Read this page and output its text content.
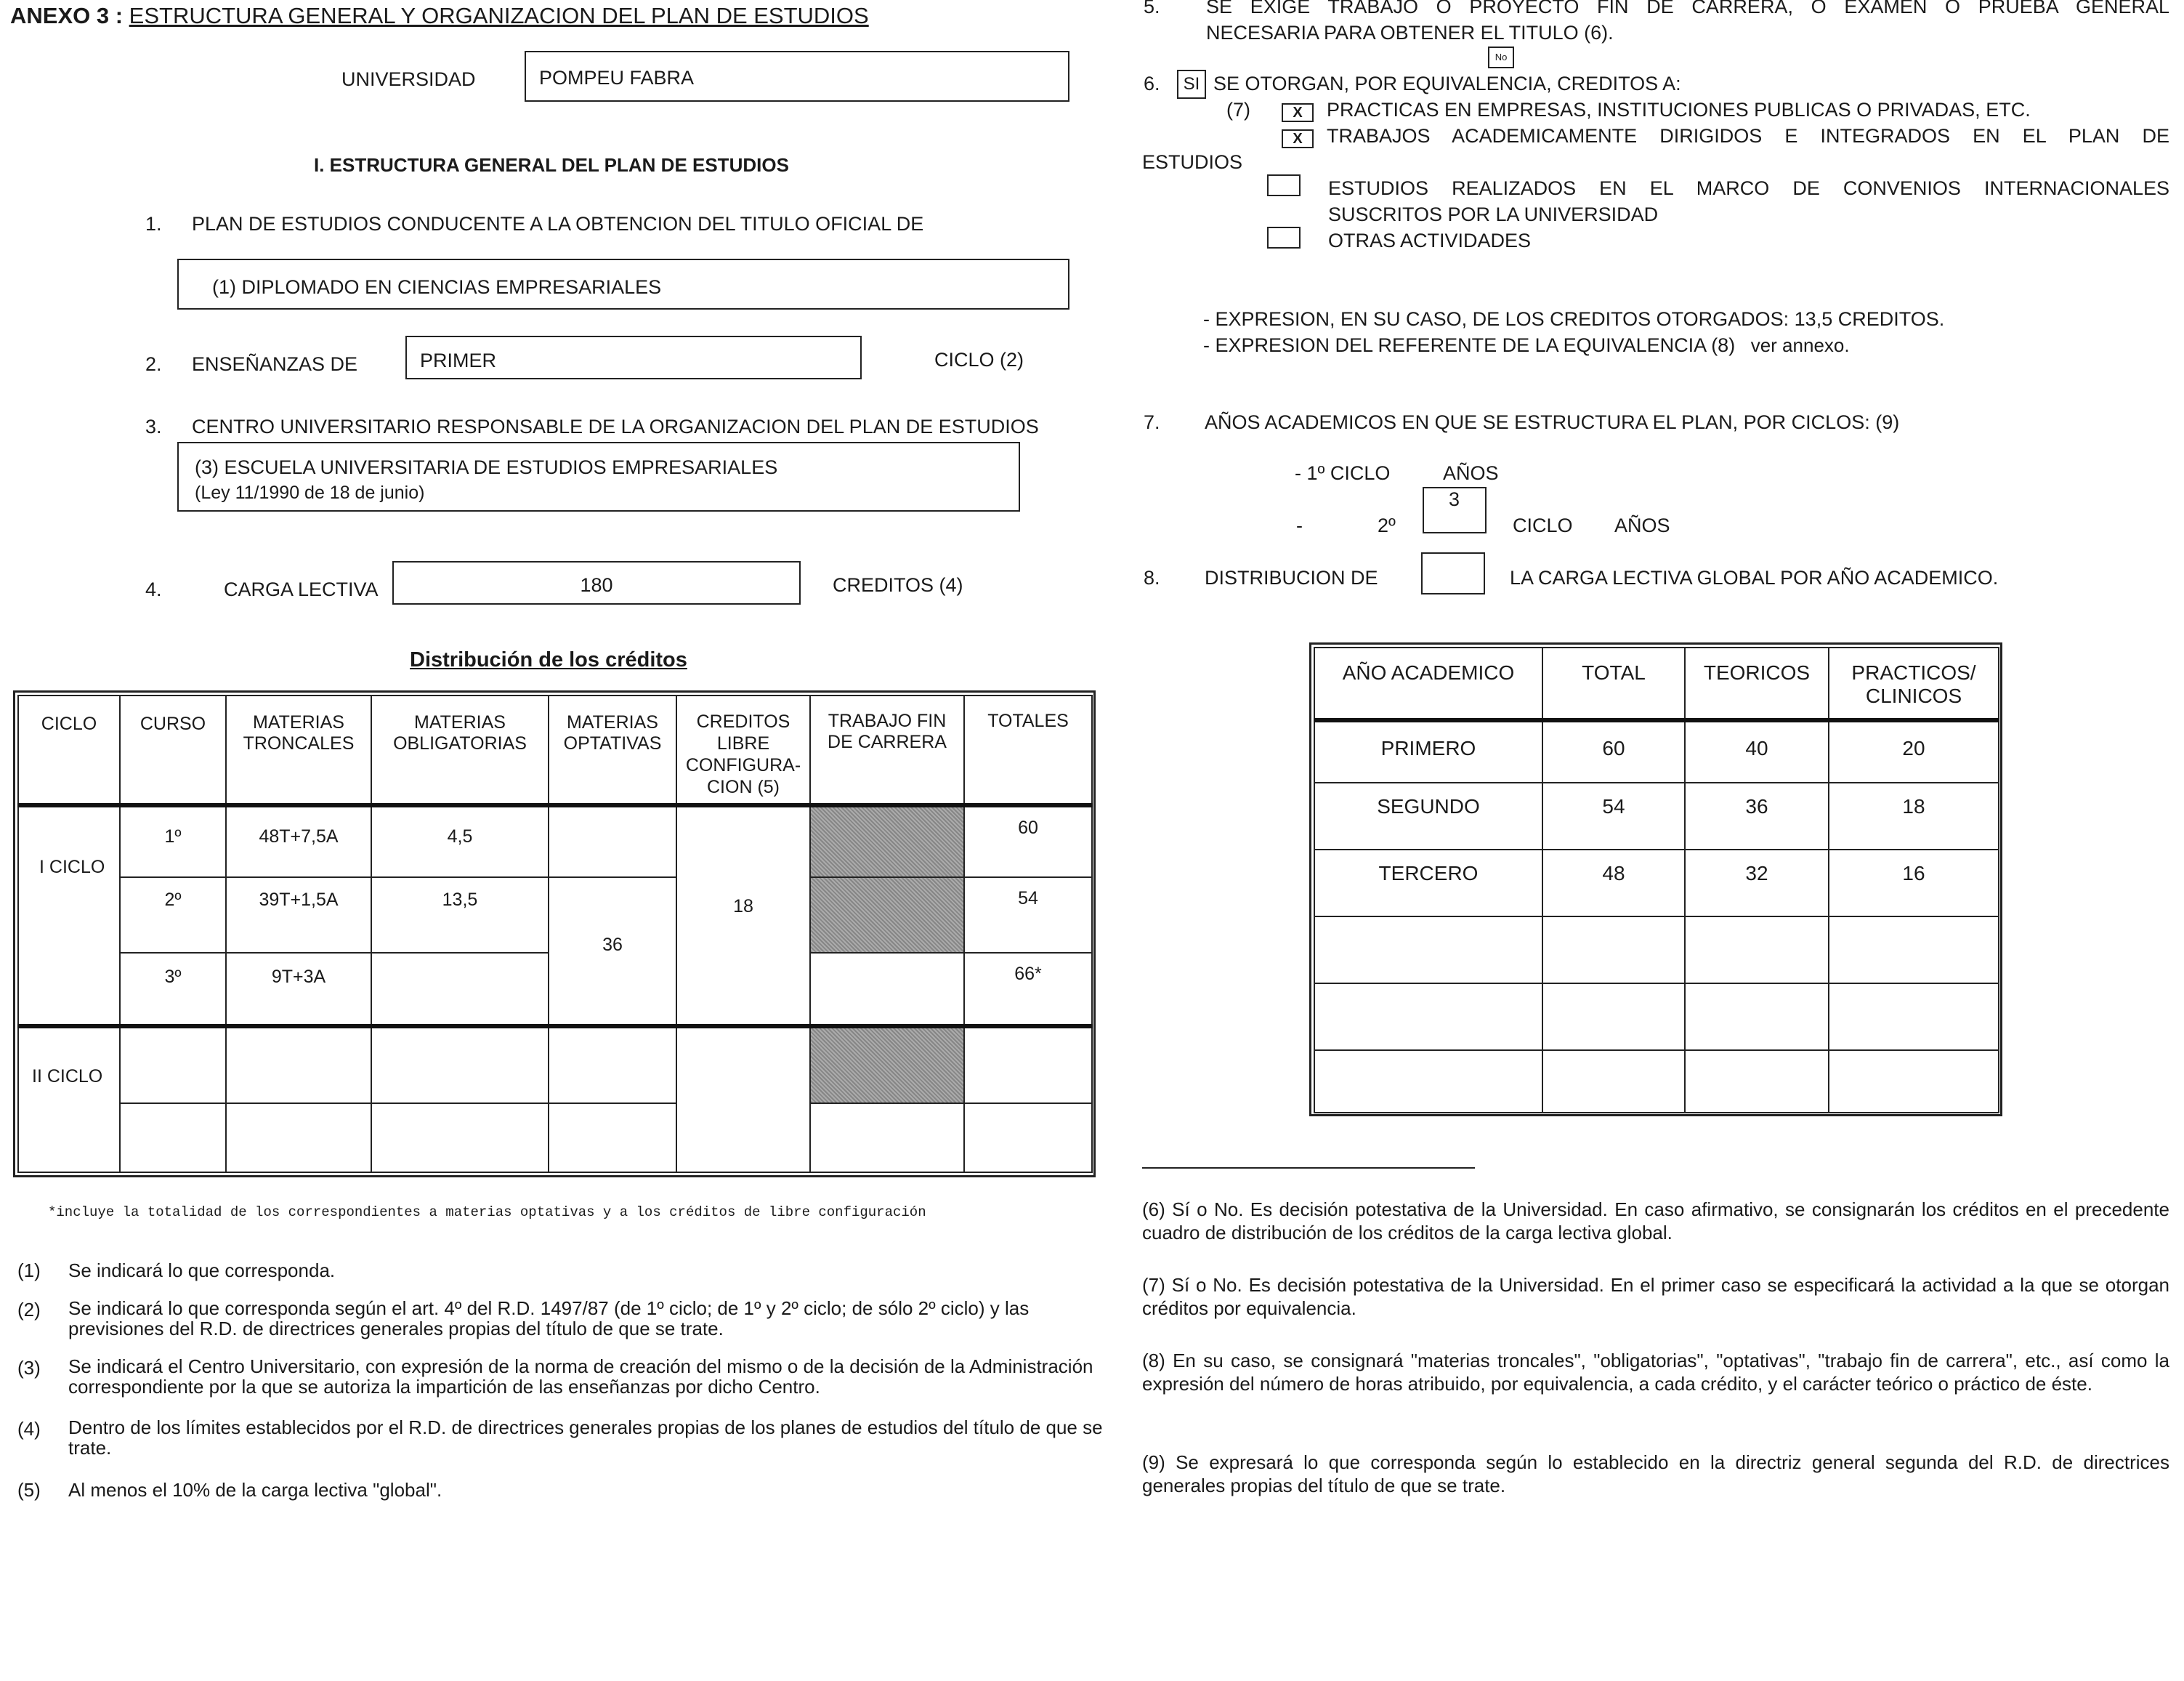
ANEXO 3 : ESTRUCTURA GENERAL Y ORGANIZACION DEL PLAN DE ESTUDIOS
UNIVERSIDAD	POMPEU FABRA
I. ESTRUCTURA GENERAL DEL PLAN DE ESTUDIOS
1. PLAN DE ESTUDIOS CONDUCENTE A LA OBTENCION DEL TITULO OFICIAL DE
(1) DIPLOMADO EN CIENCIAS EMPRESARIALES
2. ENSEÑANZAS DE	PRIMER	CICLO (2)
3. CENTRO UNIVERSITARIO RESPONSABLE DE LA ORGANIZACION DEL PLAN DE ESTUDIOS
(3) ESCUELA UNIVERSITARIA DE ESTUDIOS EMPRESARIALES
(Ley 11/1990 de 18 de junio)
4.	CARGA LECTIVA	180	CREDITOS (4)
Distribución de los créditos
CICLO	CURSO	MATERIAS TRONCALES	MATERIAS OBLIGATORIAS	MATERIAS OPTATIVAS	CREDITOS LIBRE CONFIGURA-CION (5)	TRABAJO FIN DE CARRERA	TOTALES
I CICLO	1º	48T+7,5A	4,5		18		60
	2º	39T+1,5A	13,5	36			54
	3º	9T+3A					66*
II CICLO							

*incluye la totalidad de los correspondientes a materias optativas y a los créditos de libre configuración
(1) Se indicará lo que corresponda.
(2) Se indicará lo que corresponda según el art. 4º del R.D. 1497/87 (de 1º ciclo; de 1º y 2º ciclo; de sólo 2º ciclo) y las previsiones del R.D. de directrices generales propias del título de que se trate.
(3) Se indicará el Centro Universitario, con expresión de la norma de creación del mismo o de la decisión de la Administración correspondiente por la que se autoriza la impartición de las enseñanzas por dicho Centro.
(4) Dentro de los límites establecidos por el R.D. de directrices generales propias de los planes de estudios del título de que se trate.
(5) Al menos el 10% de la carga lectiva "global".
5. SE EXIGE TRABAJO O PROYECTO FIN DE CARRERA, O EXAMEN O PRUEBA GENERAL
NECESARIA PARA OBTENER EL TITULO (6).
No
6.	SI SE OTORGAN, POR EQUIVALENCIA, CREDITOS A:
(7)	X	PRACTICAS EN EMPRESAS, INSTITUCIONES PUBLICAS O PRIVADAS, ETC.
X	TRABAJOS ACADEMICAMENTE DIRIGIDOS E INTEGRADOS EN EL PLAN DE
ESTUDIOS
ESTUDIOS REALIZADOS EN EL MARCO DE CONVENIOS INTERNACIONALES
SUSCRITOS POR LA UNIVERSIDAD
OTRAS ACTIVIDADES
- EXPRESION, EN SU CASO, DE LOS CREDITOS OTORGADOS: 13,5 CREDITOS.
- EXPRESION DEL REFERENTE DE LA EQUIVALENCIA (8) ver annexo.
7. AÑOS ACADEMICOS EN QUE SE ESTRUCTURA EL PLAN, POR CICLOS: (9)
- 1º CICLO	AÑOS
3
-	2º	CICLO AÑOS
8. DISTRIBUCION DE	LA CARGA LECTIVA GLOBAL POR AÑO ACADEMICO.
AÑO ACADEMICO	TOTAL	TEORICOS	PRACTICOS/ CLINICOS
PRIMERO	60	40	20
SEGUNDO	54	36	18
TERCERO	48	32	16

(6) Sí o No. Es decisión potestativa de la Universidad. En caso afirmativo, se consignarán los créditos en el precedente cuadro de distribución de los créditos de la carga lectiva global.
(7) Sí o No. Es decisión potestativa de la Universidad. En el primer caso se especificará la actividad a la que se otorgan créditos por equivalencia.
(8) En su caso, se consignará "materias troncales", "obligatorias", "optativas", "trabajo fin de carrera", etc., así como la expresión del número de horas atribuido, por equivalencia, a cada crédito, y el carácter teórico o práctico de éste.
(9) Se expresará lo que corresponda según lo establecido en la directriz general segunda del R.D. de directrices generales propias del título de que se trate.
